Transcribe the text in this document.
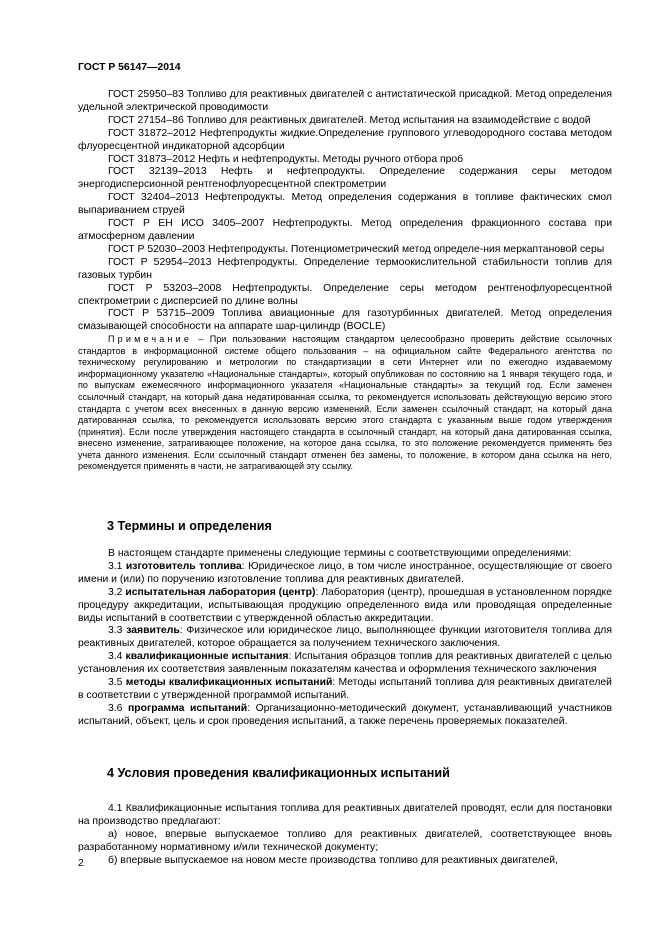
ГОСТ Р 56147—2014

ГОСТ 25950–83 Топливо для реактивных двигателей с антистатической присадкой. Метод определения удельной электрической проводимости

ГОСТ 27154–86 Топливо для реактивных двигателей. Метод испытания на взаимодействие с водой

ГОСТ 31872–2012 Нефтепродукты жидкие.Определение группового углеводородного состава методом флуоресцентной индикаторной адсорбции

ГОСТ 31873–2012 Нефть и нефтепродукты. Методы ручного отбора проб

ГОСТ 32139–2013 Нефть и нефтепродукты. Определение содержания серы методом энергодисперсионной рентгенофлуоресцентной спектрометрии

ГОСТ 32404–2013 Нефтепродукты. Метод определения содержания в топливе фактических смол выпариванием струей

ГОСТ Р ЕН ИСО 3405–2007 Нефтепродукты. Метод определения фракционного состава при атмосферном давлении

ГОСТ Р 52030–2003 Нефтепродукты. Потенциометрический метод определе-ния меркаптановой серы

ГОСТ Р 52954–2013 Нефтепродукты. Определение термоокислительной стабильности топлив для газовых турбин

ГОСТ Р 53203–2008 Нефтепродукты. Определение серы методом рентгенофлуоресцентной спектрометрии с дисперсией по длине волны

ГОСТ Р 53715–2009 Топлива авиационные для газотурбинных двигателей. Метод определения смазывающей способности на аппарате шар-цилиндр (BOCLE)

Примечание – При пользовании настоящим стандартом целесообразно проверить действие ссылочных стандартов в информационной системе общего пользования – на официальном сайте Федерального агентства по техническому регулированию и метрологии по стандартизации в сети Интернет или по ежегодно издаваемому информационному указателю «Национальные стандарты», который опубликован по состоянию на 1 января текущего года, и по выпускам ежемесячного информационного указателя «Национальные стандарты» за текущий год. Если заменен ссылочный стандарт, на который дана недатированная ссылка, то рекомендуется использовать действующую версию этого стандарта с учетом всех внесенных в данную версию изменений. Если заменен ссылочный стандарт, на который дана датированная ссылка, то рекомендуется использовать версию этого стандарта с указанным выше годом утверждения (принятия). Если после утверждения настоящего стандарта в ссылочный стандарт, на который дана датированная ссылка, внесено изменение, затрагивающее положение, на которое дана ссылка, то это положение рекомендуется применять без учета данного изменения. Если ссылочный стандарт отменен без замены, то положение, в котором дана ссылка на него, рекомендуется применять в части, не затрагивающей эту ссылку.

3 Термины и определения

В настоящем стандарте применены следующие термины с соответствующими определениями:

3.1 изготовитель топлива: Юридическое лицо, в том числе иностранное, осуществляющие от своего имени и (или) по поручению изготовление топлива для реактивных двигателей.

3.2 испытательная лаборатория (центр): Лаборатория (центр), прошедшая в установленном порядке процедуру аккредитации, испытывающая продукцию определенного вида или проводящая определенные виды испытаний в соответствии с утвержденной областью аккредитации.

3.3 заявитель: Физическое или юридическое лицо, выполняющее функции изготовителя топлива для реактивных двигателей, которое обращается за получением технического заключения.

3.4 квалификационные испытания: Испытания образцов топлив для реактивных двигателей с целью установления их соответствия заявленным показателям качества и оформления технического заключения

3.5 методы квалификационных испытаний: Методы испытаний топлива для реактивных двигателей в соответствии с утвержденной программой испытаний.

3.6 программа испытаний: Организационно-методический документ, устанавливающий участников испытаний, объект, цель и срок проведения испытаний, а также перечень проверяемых показателей.

4 Условия проведения квалификационных испытаний

4.1 Квалификационные испытания топлива для реактивных двигателей проводят, если для постановки на производство предлагают:

а) новое, впервые выпускаемое топливо для реактивных двигателей, соответствующее вновь разработанному нормативному и/или технической документу;

б) впервые выпускаемое на новом месте производства топливо для реактивных двигателей,

2
